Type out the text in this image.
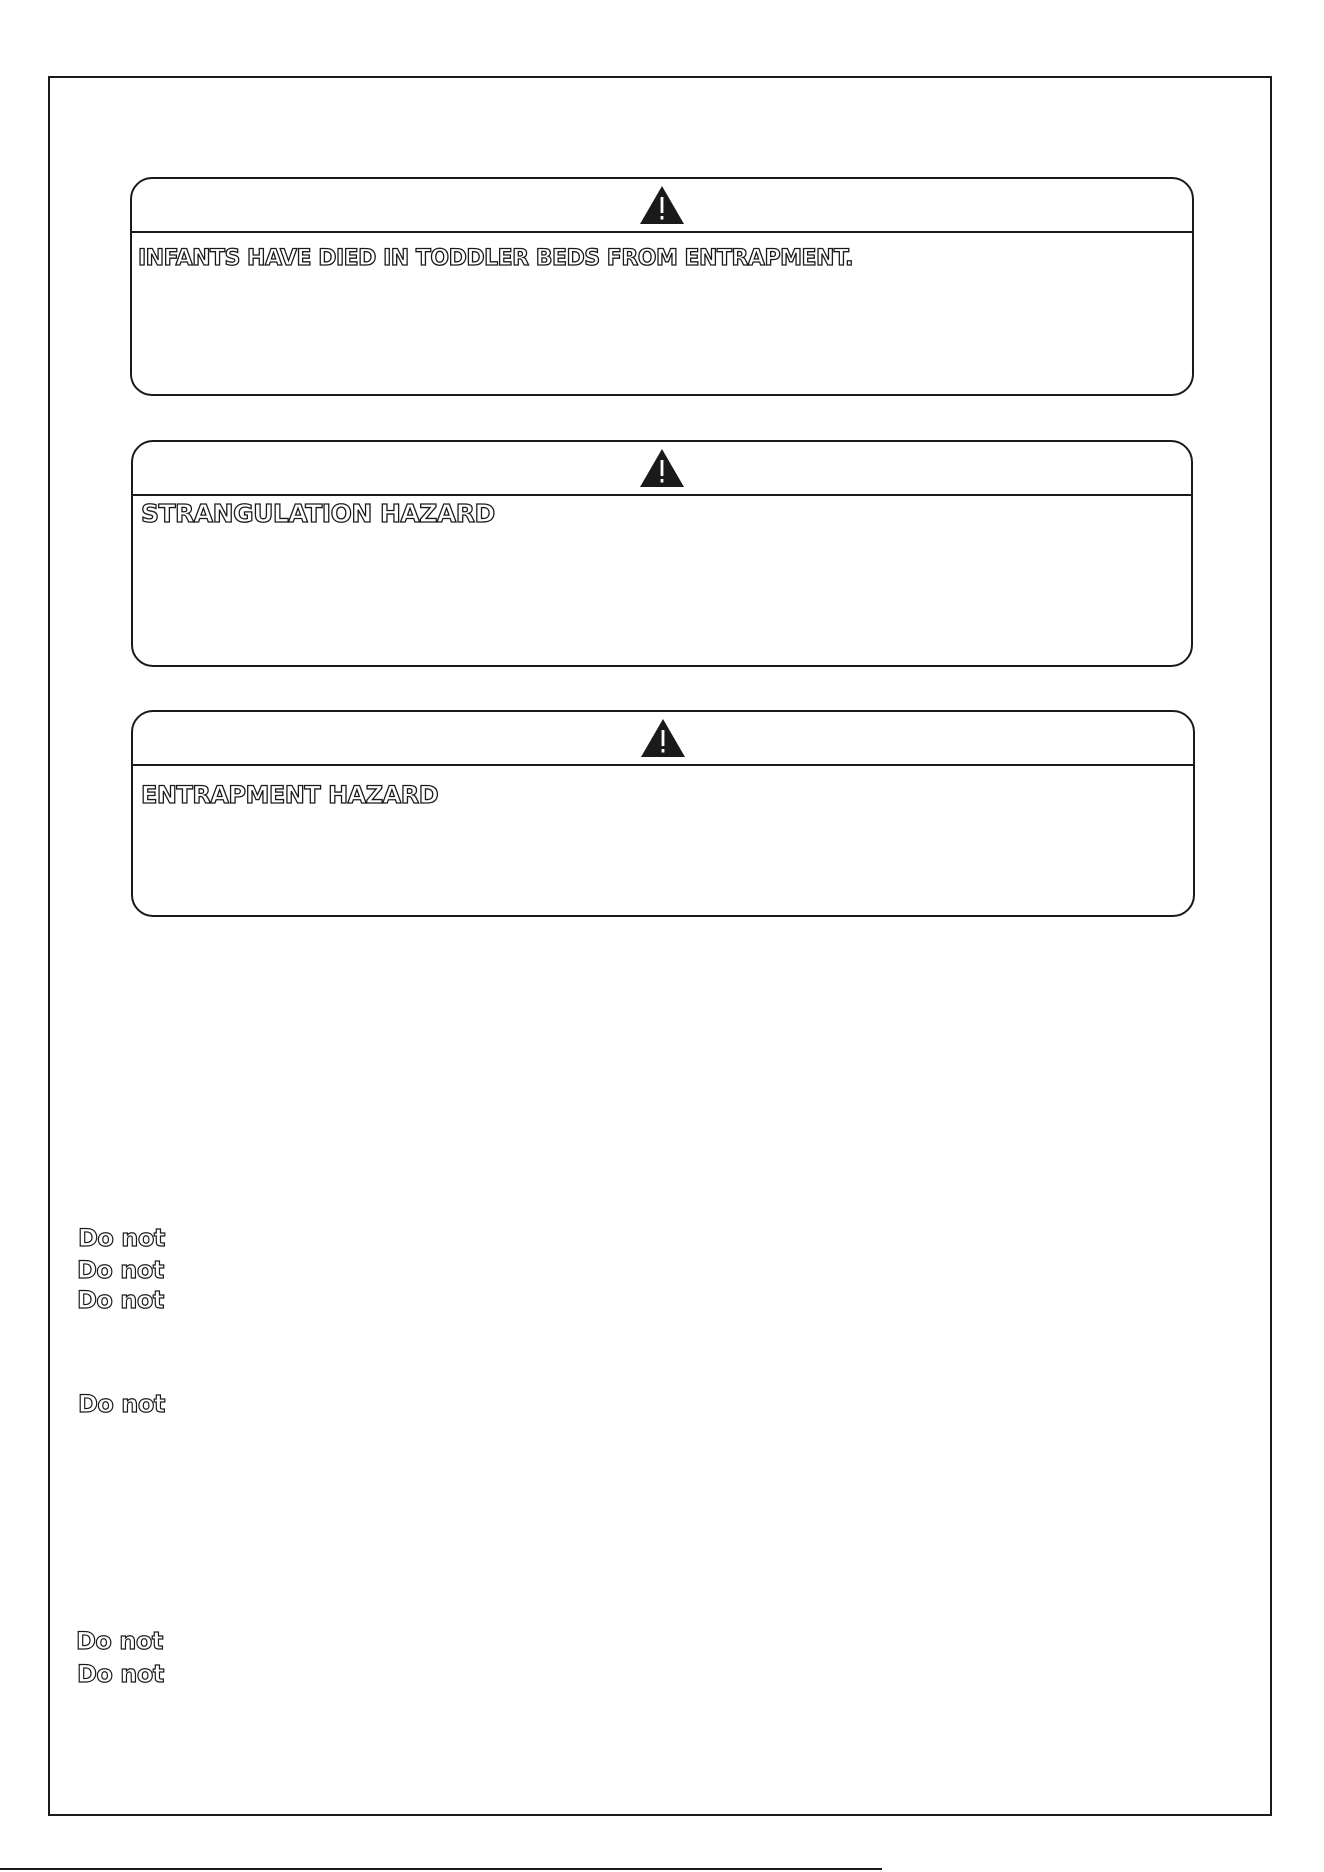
INFANTS HAVE DIED IN TODDLER BEDS FROM ENTRAPMENT.
STRANGULATION HAZARD
ENTRAPMENT HAZARD
Do not
Do not
Do not
Do not
Do not
Do not
